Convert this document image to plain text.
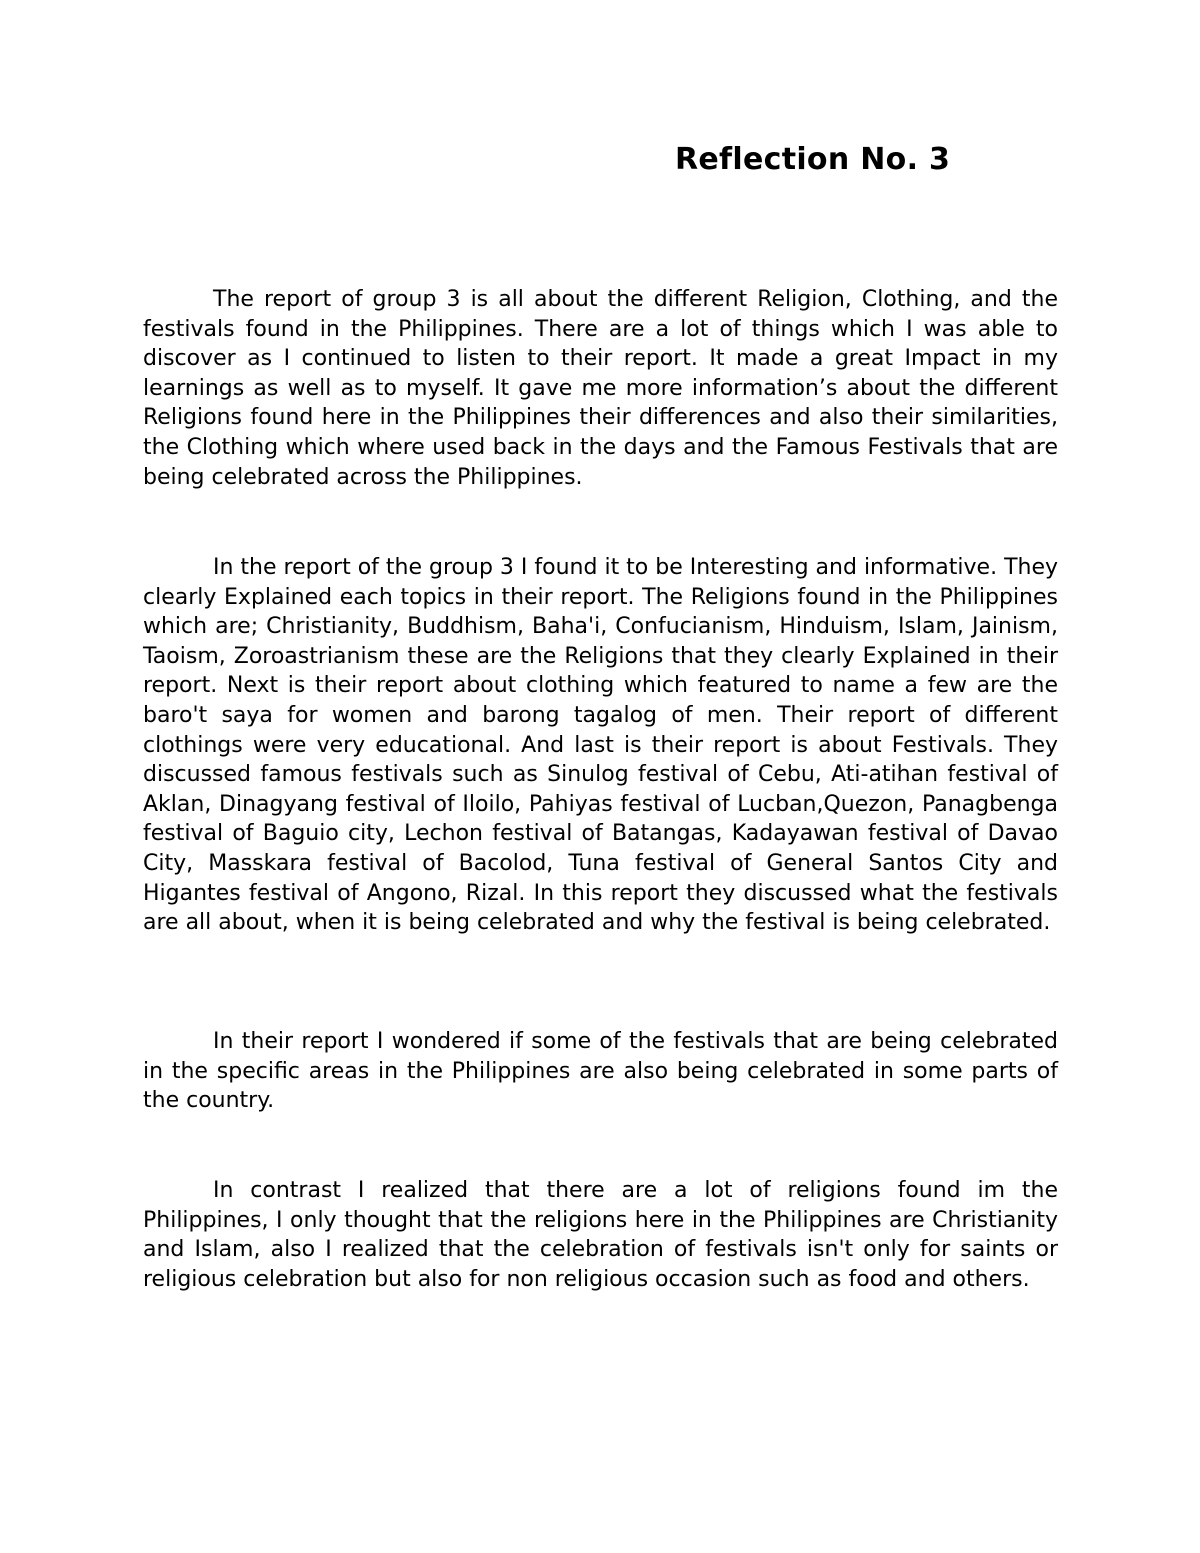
Reflection No. 3

The report of group 3 is all about the different Religion, Clothing, and the festivals found in the Philippines. There are a lot of things which I was able to discover as I continued to listen to their report. It made a great Impact in my learnings as well as to myself. It gave me more information’s about the different Religions found here in the Philippines their differences and also their similarities, the Clothing which where used back in the days and the Famous Festivals that are being celebrated across the Philippines.

In the report of the group 3 I found it to be Interesting and informative. They clearly Explained each topics in their report. The Religions found in the Philippines which are; Christianity, Buddhism, Baha'i, Confucianism, Hinduism, Islam, Jainism, Taoism, Zoroastrianism these are the Religions that they clearly Explained in their report. Next is their report about clothing which featured to name a few are the baro't saya for women and barong tagalog of men. Their report of different clothings were very educational. And last is their report is about Festivals. They discussed famous festivals such as Sinulog festival of Cebu, Ati-atihan festival of Aklan, Dinagyang festival of Iloilo, Pahiyas festival of Lucban,Quezon, Panagbenga festival of Baguio city, Lechon festival of Batangas, Kadayawan festival of Davao City, Masskara festival of Bacolod, Tuna festival of General Santos City and Higantes festival of Angono, Rizal. In this report they discussed what the festivals are all about, when it is being celebrated and why the festival is being celebrated.

In their report I wondered if some of the festivals that are being celebrated in the specific areas in the Philippines are also being celebrated in some parts of the country.

In contrast I realized that there are a lot of religions found im the Philippines, I only thought that the religions here in the Philippines are Christianity and Islam, also I realized that the celebration of festivals isn't only for saints or religious celebration but also for non religious occasion such as food and others.
